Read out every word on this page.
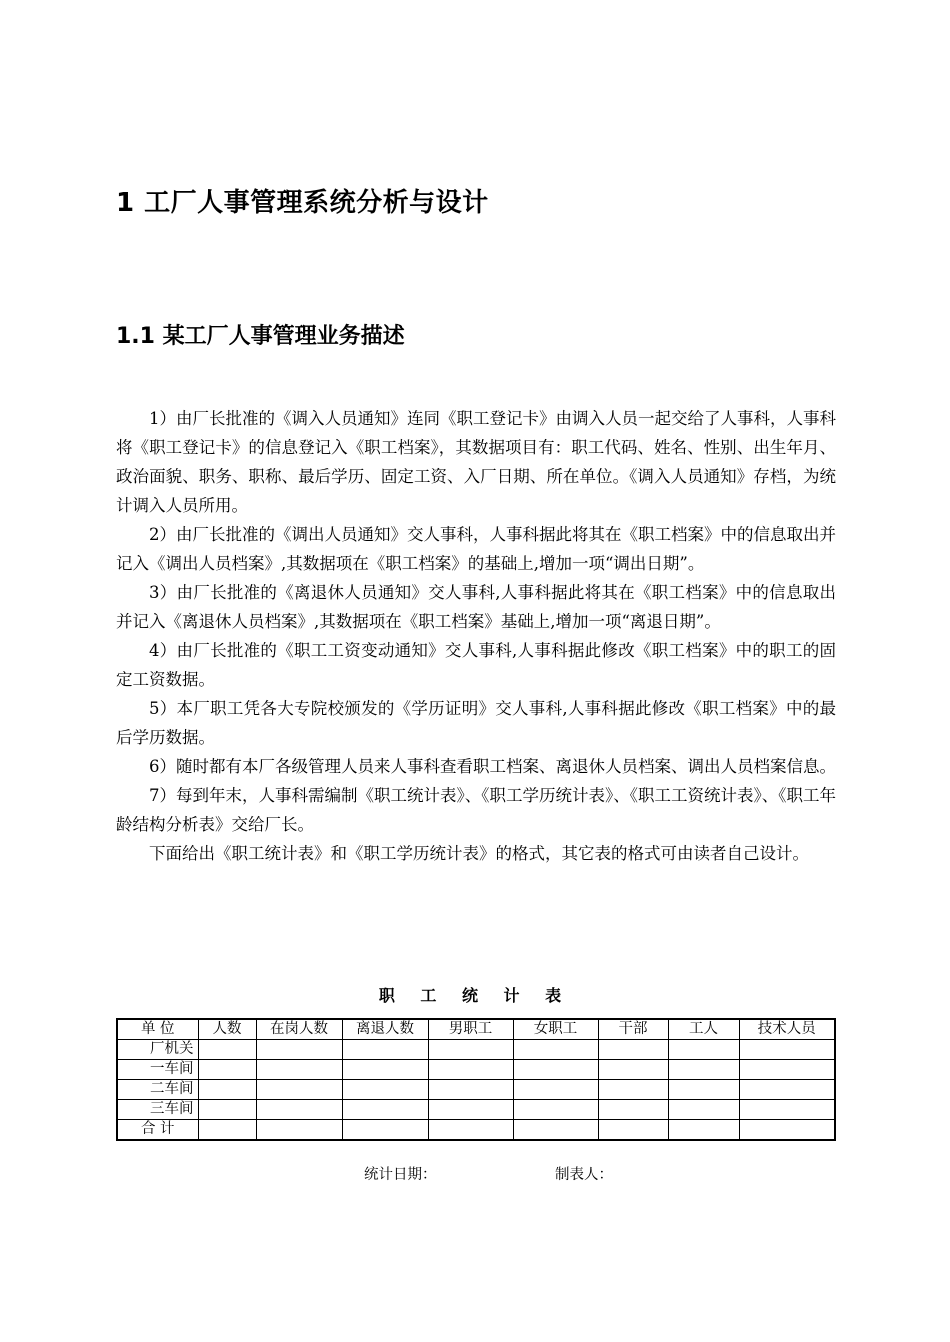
1 工厂人事管理系统分析与设计
1.1 某工厂人事管理业务描述

1）由厂长批准的《调入人员通知》连同《职工登记卡》由调入人员一起交给了人事科，人事科将《职工登记卡》的信息登记入《职工档案》，其数据项目有：职工代码、姓名、性别、出生年月、政治面貌、职务、职称、最后学历、固定工资、入厂日期、所在单位。《调入人员通知》存档，为统计调入人员所用。

2）由厂长批准的《调出人员通知》交人事科，人事科据此将其在《职工档案》中的信息取出并记入《调出人员档案》,其数据项在《职工档案》的基础上,增加一项“调出日期”。

3）由厂长批准的《离退休人员通知》交人事科,人事科据此将其在《职工档案》中的信息取出并记入《离退休人员档案》,其数据项在《职工档案》基础上,增加一项“离退日期”。

4）由厂长批准的《职工工资变动通知》交人事科,人事科据此修改《职工档案》中的职工的固定工资数据。

5）本厂职工凭各大专院校颁发的《学历证明》交人事科,人事科据此修改《职工档案》中的最后学历数据。

6）随时都有本厂各级管理人员来人事科查看职工档案、离退休人员档案、调出人员档案信息。

7）每到年末，人事科需编制《职工统计表》、《职工学历统计表》、《职工工资统计表》、《职工年龄结构分析表》交给厂长。

下面给出《职工统计表》和《职工学历统计表》的格式，其它表的格式可由读者自己设计。

职 工 统 计 表
单 位	人数	在岗人数	离退人数	男职工	女职工	干部	工人	技术人员
厂机关								
一车间								
二车间								
三车间								
合 计								
统计日期：	制表人：
